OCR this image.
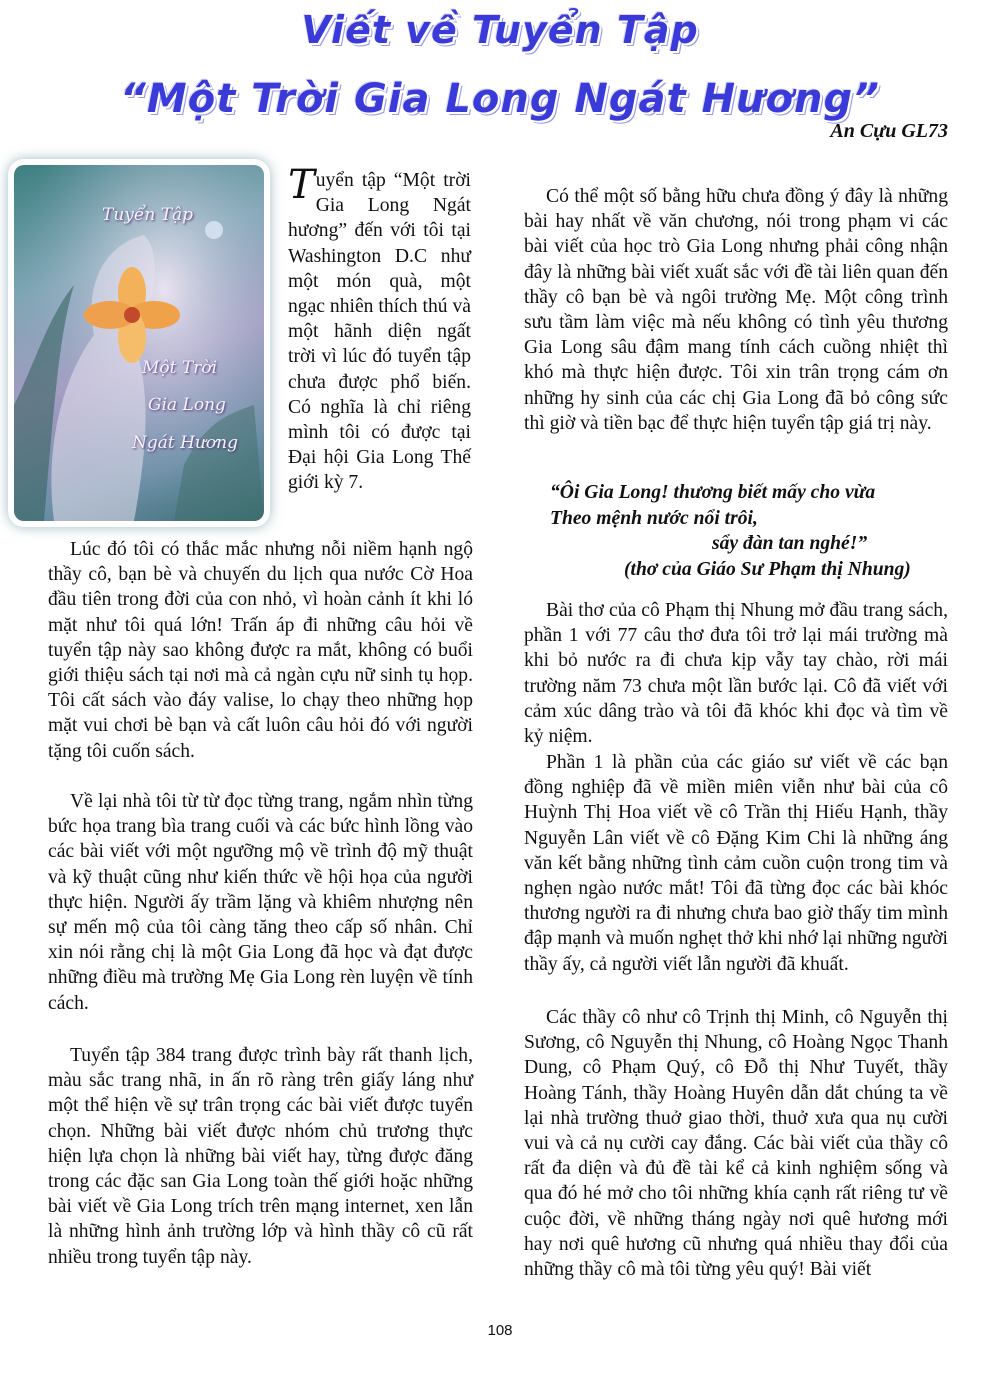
Viết về Tuyển Tập
“Một Trời Gia Long Ngát Hương”
An Cựu GL73
Tuyển Tập
Một Trời
Gia Long
Ngát Hương

Tuyển tập “Một trời Gia Long Ngát hương” đến với tôi tại Washington D.C như một món quà, một ngạc nhiên thích thú và một hãnh diện ngất trời vì lúc đó tuyển tập chưa được phổ biến. Có nghĩa là chỉ riêng mình tôi có được tại Đại hội Gia Long Thế giới kỳ 7.

Lúc đó tôi có thắc mắc nhưng nỗi niềm hạnh ngộ thầy cô, bạn bè và chuyến du lịch qua nước Cờ Hoa đầu tiên trong đời của con nhỏ, vì hoàn cảnh ít khi ló mặt như tôi quá lớn! Trấn áp đi những câu hỏi về tuyển tập này sao không được ra mắt, không có buổi giới thiệu sách tại nơi mà cả ngàn cựu nữ sinh tụ họp. Tôi cất sách vào đáy valise, lo chạy theo những họp mặt vui chơi bè bạn và cất luôn câu hỏi đó với người tặng tôi cuốn sách.

Về lại nhà tôi từ từ đọc từng trang, ngắm nhìn từng bức họa trang bìa trang cuối và các bức hình lồng vào các bài viết với một ngưỡng mộ về trình độ mỹ thuật và kỹ thuật cũng như kiến thức về hội họa của người thực hiện. Người ấy trầm lặng và khiêm nhượng nên sự mến mộ của tôi càng tăng theo cấp số nhân. Chỉ xin nói rằng chị là một Gia Long đã học và đạt được những điều mà trường Mẹ Gia Long rèn luyện về tính cách.

Tuyển tập 384 trang được trình bày rất thanh lịch, màu sắc trang nhã, in ấn rõ ràng trên giấy láng như một thể hiện về sự trân trọng các bài viết được tuyển chọn. Những bài viết được nhóm chủ trương thực hiện lựa chọn là những bài viết hay, từng được đăng trong các đặc san Gia Long toàn thế giới hoặc những bài viết về Gia Long trích trên mạng internet, xen lẫn là những hình ảnh trường lớp và hình thầy cô cũ rất nhiều trong tuyển tập này.

Có thể một số bằng hữu chưa đồng ý đây là những bài hay nhất về văn chương, nói trong phạm vi các bài viết của học trò Gia Long nhưng phải công nhận đây là những bài viết xuất sắc với đề tài liên quan đến thầy cô bạn bè và ngôi trường Mẹ. Một công trình sưu tầm làm việc mà nếu không có tình yêu thương Gia Long sâu đậm mang tính cách cuồng nhiệt thì khó mà thực hiện được. Tôi xin trân trọng cám ơn những hy sinh của các chị Gia Long đã bỏ công sức thì giờ và tiền bạc để thực hiện tuyển tập giá trị này.

“Ôi Gia Long! thương biết mấy cho vừa
Theo mệnh nước nổi trôi,
sẩy đàn tan nghé!”
(thơ của Giáo Sư Phạm thị Nhung)

Bài thơ của cô Phạm thị Nhung mở đầu trang sách, phần 1 với 77 câu thơ đưa tôi trở lại mái trường mà khi bỏ nước ra đi chưa kịp vẫy tay chào, rời mái trường năm 73 chưa một lần bước lại. Cô đã viết với cảm xúc dâng trào và tôi đã khóc khi đọc và tìm về kỷ niệm.

Phần 1 là phần của các giáo sư viết về các bạn đồng nghiệp đã về miền miên viễn như bài của cô Huỳnh Thị Hoa viết về cô Trần thị Hiếu Hạnh, thầy Nguyễn Lân viết về cô Đặng Kim Chi là những áng văn kết bằng những tình cảm cuồn cuộn trong tim và nghẹn ngào nước mắt! Tôi đã từng đọc các bài khóc thương người ra đi nhưng chưa bao giờ thấy tim mình đập mạnh và muốn nghẹt thở khi nhớ lại những người thầy ấy, cả người viết lẫn người đã khuất.

Các thầy cô như cô Trịnh thị Minh, cô Nguyễn thị Sương, cô Nguyễn thị Nhung, cô Hoàng Ngọc Thanh Dung, cô Phạm Quý, cô Đỗ thị Như Tuyết, thầy Hoàng Tánh, thầy Hoàng Huyên dẫn dắt chúng ta về lại nhà trường thuở giao thời, thuở xưa qua nụ cười vui và cả nụ cười cay đắng. Các bài viết của thầy cô rất đa diện và đủ đề tài kể cả kinh nghiệm sống và qua đó hé mở cho tôi những khía cạnh rất riêng tư về cuộc đời, về những tháng ngày nơi quê hương mới hay nơi quê hương cũ nhưng quá nhiều thay đổi của những thầy cô mà tôi từng yêu quý! Bài viết

108
